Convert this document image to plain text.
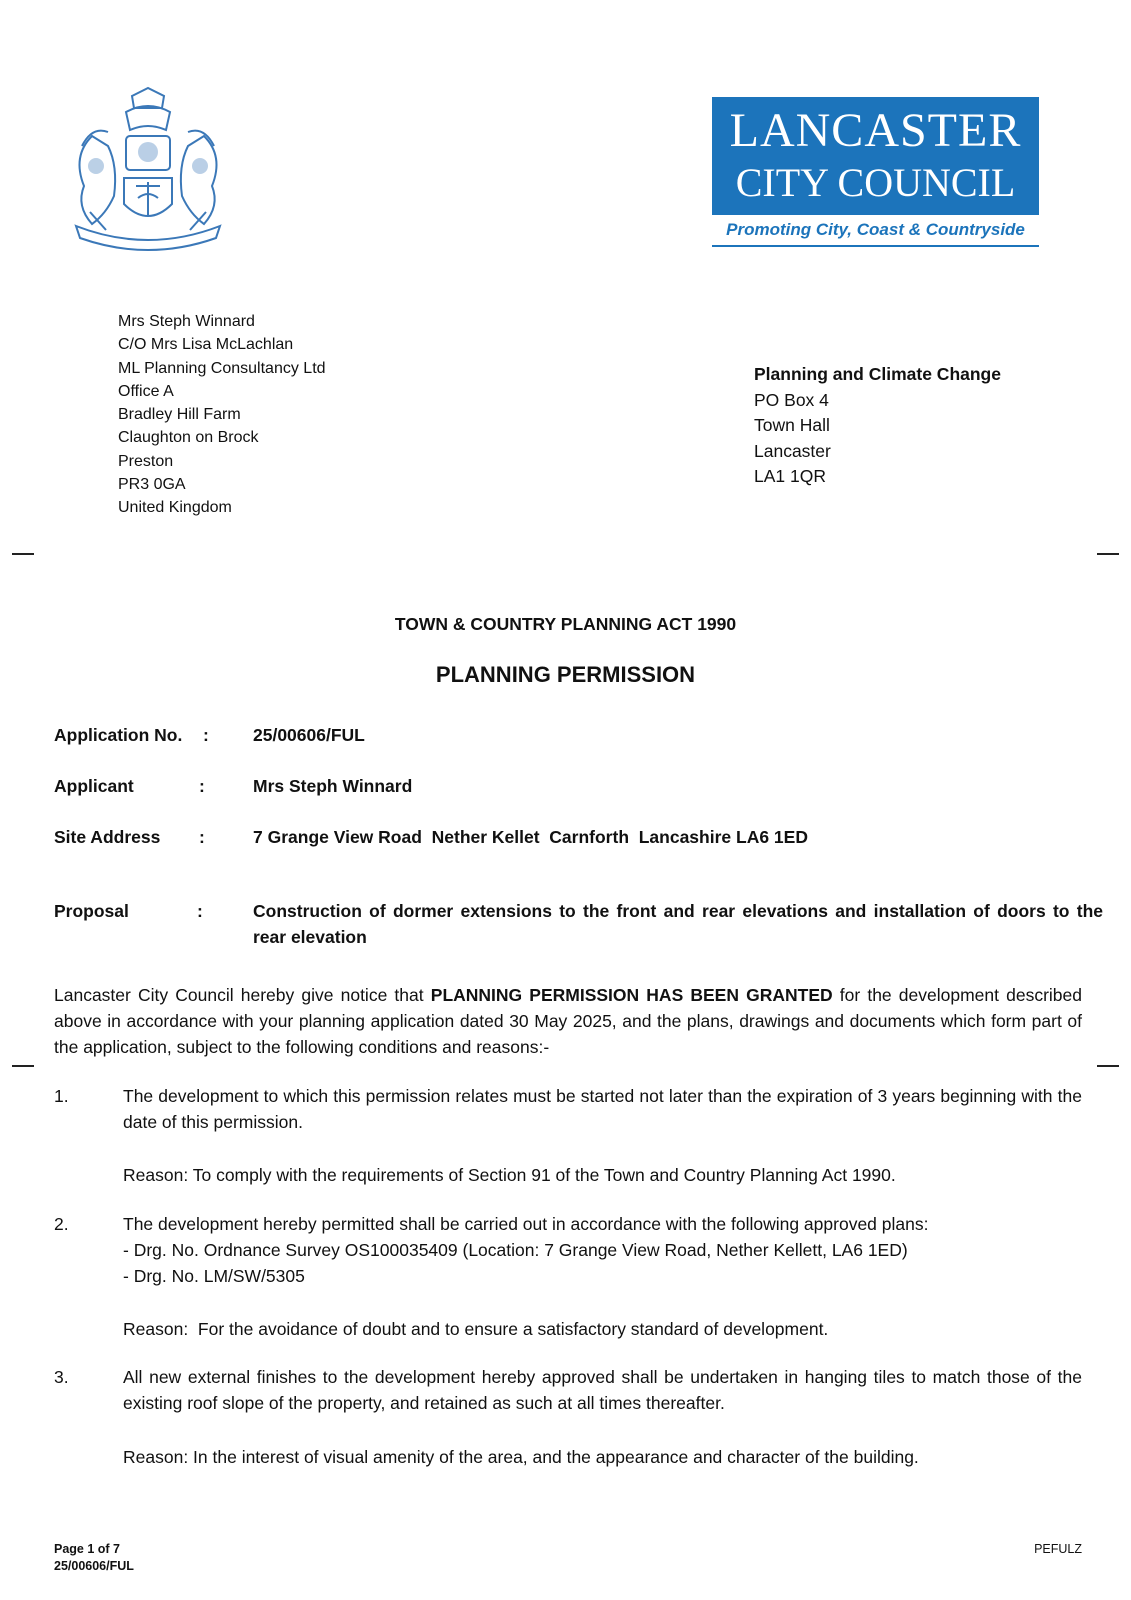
LANCASTER
CITY COUNCIL
Promoting City, Coast & Countryside
Mrs Steph Winnard
C/O Mrs Lisa McLachlan
ML Planning Consultancy Ltd
Office A
Bradley Hill Farm
Claughton on Brock
Preston
PR3 0GA
United Kingdom
Planning and Climate Change
PO Box 4
Town Hall
Lancaster
LA1 1QR
TOWN & COUNTRY PLANNING ACT 1990
PLANNING PERMISSION
Application No. :	25/00606/FUL
Applicant	:	Mrs Steph Winnard
Site Address :	7 Grange View Road  Nether Kellet  Carnforth  Lancashire LA6 1ED
Proposal	:	Construction of dormer extensions to the front and rear elevations and installation of doors to the rear elevation
Lancaster City Council hereby give notice that PLANNING PERMISSION HAS BEEN GRANTED for the development described above in accordance with your planning application dated 30 May 2025, and the plans, drawings and documents which form part of the application, subject to the following conditions and reasons:-
1.	The development to which this permission relates must be started not later than the expiration of 3 years beginning with the date of this permission.
Reason: To comply with the requirements of Section 91 of the Town and Country Planning Act 1990.
2.	The development hereby permitted shall be carried out in accordance with the following approved plans:
- Drg. No. Ordnance Survey OS100035409 (Location: 7 Grange View Road, Nether Kellett, LA6 1ED)
- Drg. No. LM/SW/5305
Reason:  For the avoidance of doubt and to ensure a satisfactory standard of development.
3.	All new external finishes to the development hereby approved shall be undertaken in hanging tiles to match those of the existing roof slope of the property, and retained as such at all times thereafter.
Reason: In the interest of visual amenity of the area, and the appearance and character of the building.
Page 1 of 7
25/00606/FUL
PEFULZ
